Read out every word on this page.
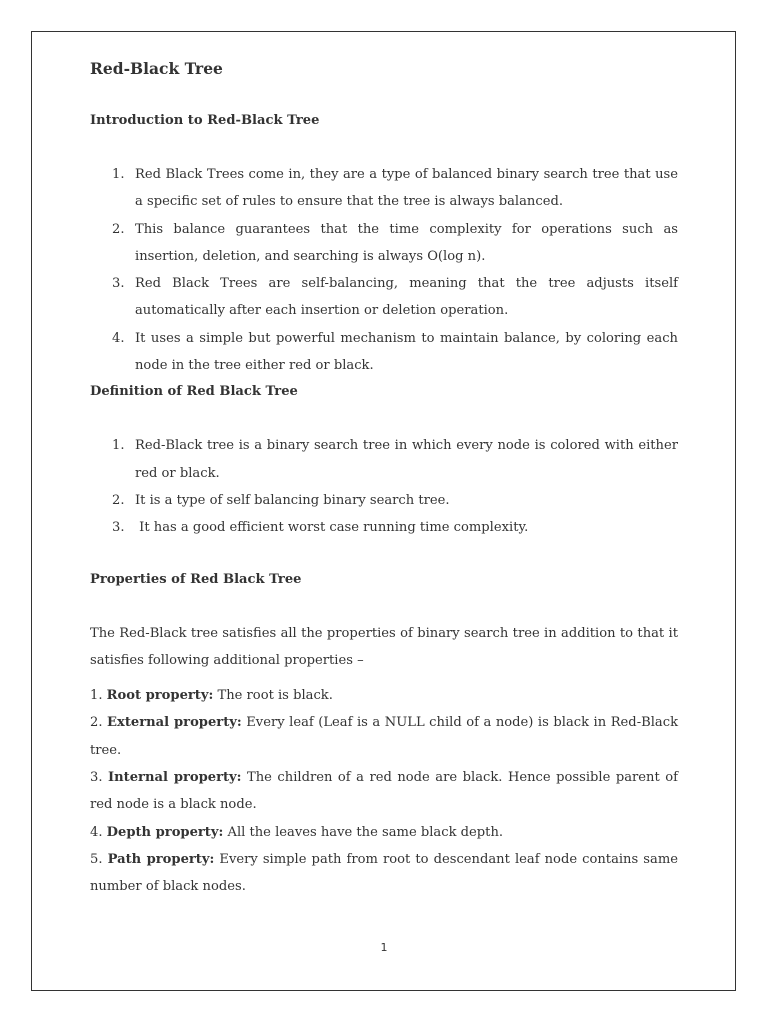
Red-Black Tree
Introduction to Red-Black Tree
1. Red Black Trees come in, they are a type of balanced binary search tree that use a specific set of rules to ensure that the tree is always balanced.
2. This balance guarantees that the time complexity for operations such as insertion, deletion, and searching is always O(log n).
3. Red Black Trees are self-balancing, meaning that the tree adjusts itself automatically after each insertion or deletion operation.
4. It uses a simple but powerful mechanism to maintain balance, by coloring each node in the tree either red or black.
Definition of Red Black Tree
1. Red-Black tree is a binary search tree in which every node is colored with either red or black.
2. It is a type of self balancing binary search tree.
3. It has a good efficient worst case running time complexity.
Properties of Red Black Tree

The Red-Black tree satisfies all the properties of binary search tree in addition to that it satisfies following additional properties –

1. Root property: The root is black.
2. External property: Every leaf (Leaf is a NULL child of a node) is black in Red-Black tree.
3. Internal property: The children of a red node are black. Hence possible parent of red node is a black node.
4. Depth property: All the leaves have the same black depth.
5. Path property: Every simple path from root to descendant leaf node contains same number of black nodes.
1
